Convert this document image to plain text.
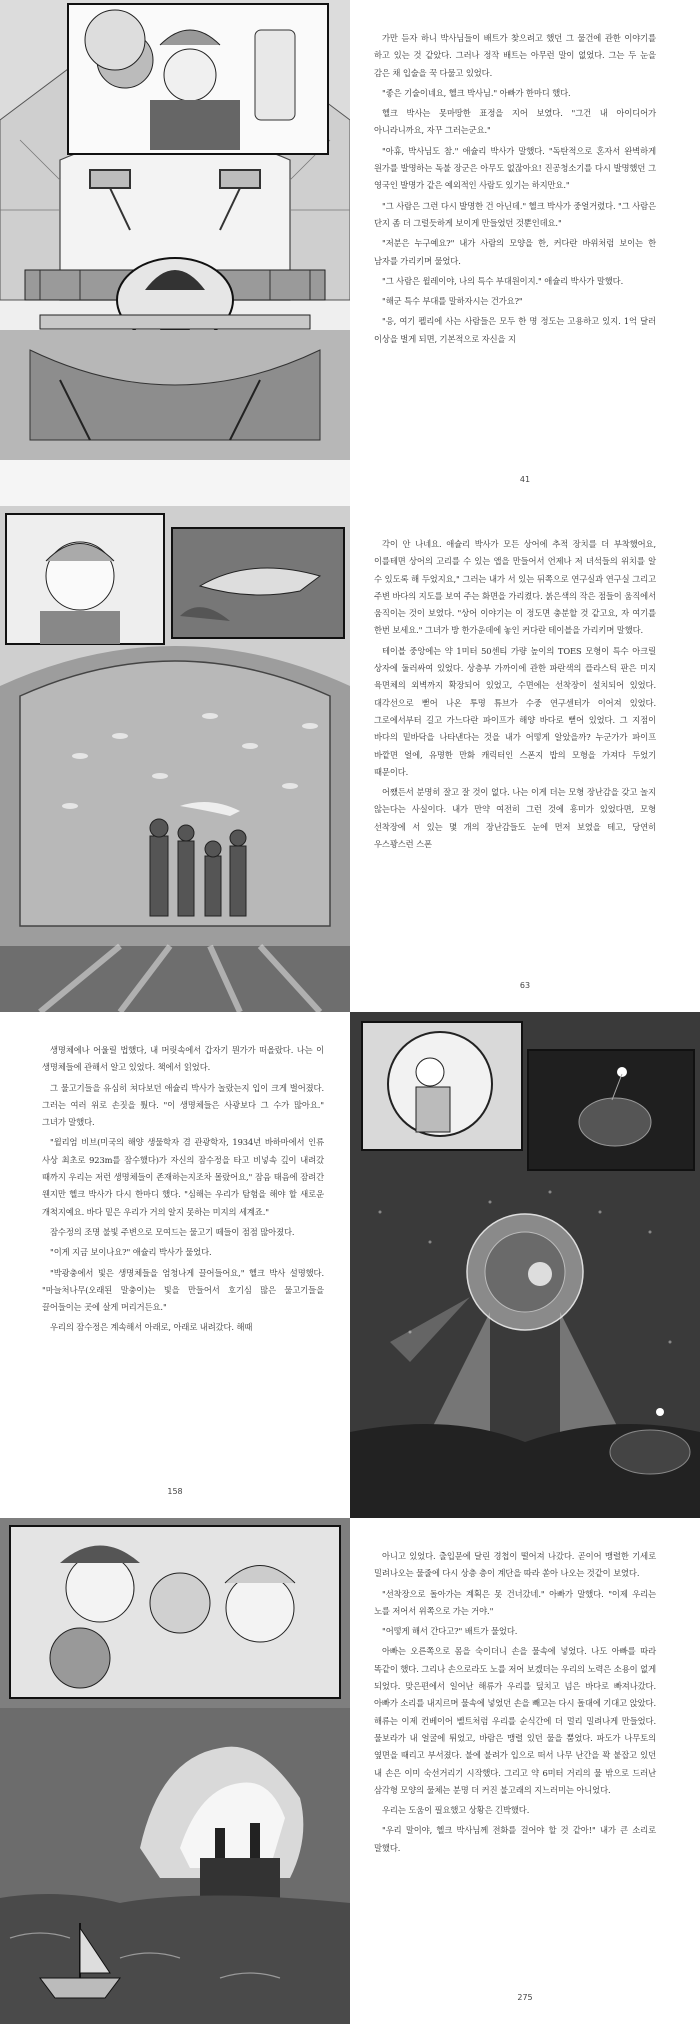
가만 듣자 하니 박사님들이 배트가 찾으려고 했던 그 물건에 관한 이야기를 하고 있는 것 같았다. 그러나 정작 배트는 아무런 말이 없었다. 그는 두 눈을 감은 채 입술을 꾹 다물고 있었다.

"좋은 기술이네요, 헬크 박사님." 아빠가 한마디 했다.

헬크 박사는 못마땅한 표정을 지어 보였다. "그건 내 아이디어가 아니라니까요, 자꾸 그러는군요."

"아휴, 박사님도 참." 애슐리 박사가 말했다. "독탄적으로 혼자서 완벽하게 원가를 발명하는 독불 장군은 아무도 없잖아요! 진공청소기를 다시 발명했던 그 영국인 발명가 같은 예외적인 사람도 있기는 하지만요."

"그 사람은 그런 다시 발명한 건 아닌데." 헬크 박사가 중얼거렸다. "그 사람은 단지 좀 더 그럴듯하게 보이게 만들었던 것뿐인데요."

"저분은 누구예요?" 내가 사람의 모양을 한, 커다란 바위처럼 보이는 한 남자를 가리키며 물었다.

"그 사람은 윌레이야, 나의 특수 부대원이지." 애슐리 박사가 말했다.

"해군 특수 부대를 말하자시는 건가요?"

"응, 여기 펠리에 사는 사람들은 모두 한 명 정도는 고용하고 있지. 1억 달러 이상을 벌게 되면, 기본적으로 자신을 지

41

각이 안 나네요. 애슐리 박사가 모든 상어에 추적 장치를 더 부착했어요, 이를테면 상어의 고리를 수 있는 앱을 만들어서 언제나 저 녀석들의 위치를 알 수 있도록 해 두었지요," 그러는 내가 서 있는 뒤쪽으로 연구실과 연구실 그리고 주변 바다의 지도를 보여 주는 화면을 가리켰다. 붉은색의 작은 점들이 움직에서 움직이는 것이 보였다. "상어 이야기는 이 정도면 충분할 것 같고요, 자 여기를 한번 보세요." 그녀가 방 한가운데에 놓인 커다란 테이블을 가리키며 말했다.

테이블 중앙에는 약 1미터 50센티 가량 높이의 TOES 모형이 특수 아크릴 상자에 둘러싸여 있었다. 상층부 가까이에 관한 파란색의 플라스틱 판은 미지 육면체의 외벽까지 확장되어 있었고, 수면에는 선착장이 설치되어 있었다. 대각선으로 뻗어 나온 투명 튜브가 수중 연구센터가 이어져 있었다. 그로에서부터 길고 가느다란 파이프가 해양 바다로 뻗어 있었다. 그 지점이 바다의 밑바닥을 나타낸다는 것을 내가 어떻게 알았을까? 누군가가 파이프 바깥면 얼에, 유명한 만화 캐릭터인 스폰지 밥의 모형을 가져다 두었기 때문이다.

어쨌든서 분명히 잘고 잘 것이 없다. 나는 이게 더는 모형 장난감을 갖고 놀지 않는다는 사실이다. 내가 만약 여전히 그런 것에 흥미가 있었다면, 모형 선착장에 서 있는 몇 개의 장난감들도 눈에 먼저 보였을 테고, 당연히 우스꽝스런 스폰

63

생명체에나 어울릴 법했다, 내 머릿속에서 갑자기 뭔가가 떠올랐다. 나는 이 생명체들에 관해서 알고 있었다. 책에서 읽었다.

그 물고기들을 유심히 쳐다보던 애슐리 박사가 놀랐는지 입이 크게 벌어졌다. 그러는 여러 위로 손짓을 퉜다. "이 생명체들은 사광보다 그 수가 많아요." 그녀가 말했다.

"윌리엄 비브(미국의 해양 생물학자 겸 관광학자, 1934년 바하마에서 인류 사상 최초로 923m를 잠수했다)가 자신의 잠수정을 타고 비넣속 깊이 내려갔 때까지 우리는 저런 생명체들이 존재하는지조차 몰랐어요," 잠음 태음에 잠려간 웬지만 헬크 박사가 다시 한마디 했다. "심해는 우리가 탐험을 해야 할 새로운 개척지예요. 바다 밑은 우리가 거의 알지 못하는 미지의 세계죠."

잠수정의 조명 불빛 주변으로 모여드는 물고기 떼들이 점점 많아졌다.

"이게 지금 보이나요?" 애슐리 박사가 물었다.

"박광충에서 빛은 생명체들을 엄청나게 끌어들어요," 헬크 박사 설명했다. "마늘처나무(오래된 말충이)는 빛을 만들어서 호기심 많은 물고기들을 끌어들이는 곳에 살게 머리거든요."

우리의 잠수정은 계속해서 아래로, 아래로 내려갔다. 해때

158

아니고 있었다. 출입문에 달린 경첩이 떨어져 나갔다. 곧이어 맹렬한 기세로 밀려나오는 물줄에 다시 상층 층이 계단을 따라 쏟아 나오는 것같이 보였다.

"선착장으로 돌아가는 계획은 못 건너갔네." 아빠가 말했다. "이제 우리는 노를 저어서 위쪽으로 가는 거야."

"어떻게 해서 간다고?" 배트가 물었다.

아빠는 오른쪽으로 몸을 숙이더니 손을 물속에 넣었다. 나도 아빠를 따라 똑같이 했다. 그리나 손으로라도 노를 저어 보겠더는 우리의 노력은 소용이 없게 되었다. 맞은편에서 일어난 해류가 우리를 덮치고 넘은 바다로 빠져나갔다. 아빠가 소리를 내지르며 물속에 넣었던 손을 빼고는 다시 돌대에 기대고 앉았다. 해류는 이제 컨베이어 벨트처럼 우리를 순식간에 더 멀리 밀려나게 만들었다. 물보라가 내 얼굴에 튀었고, 바람은 맹렬 있던 물을 뿜었다. 파도가 나무토의 옆면을 때리고 부서졌다. 불에 불려가 입으로 떠서 나무 난간을 꽉 붙잡고 있던 내 손은 이미 숙선거리기 시작했다. 그리고 약 6미터 거리의 물 밖으로 드러난 삼각형 모양의 물체는 분명 더 커진 불고래의 지느러미는 아니었다.

우리는 도움이 필요했고 상황은 긴박했다.

"우리 말이야, 헬크 박사님께 전화를 걸어야 할 것 같아!" 내가 큰 소리로 말했다.

275
